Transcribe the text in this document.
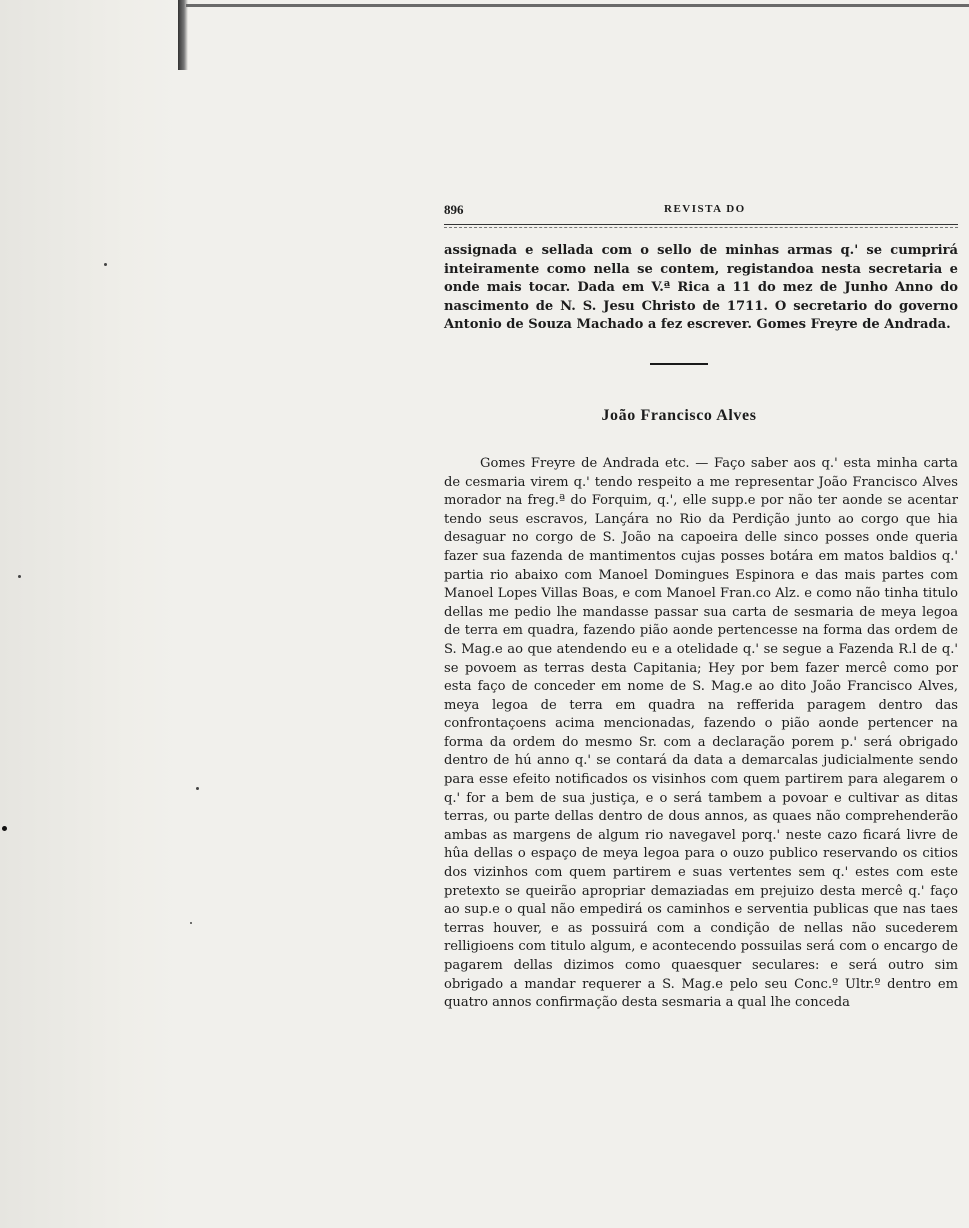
896	REVISTA DO

assignada e sellada com o sello de minhas armas q.' se cumprirá inteiramente como nella se contem, registandoa nesta secretaria e onde mais tocar. Dada em V.ª Rica a 11 do mez de Junho Anno do nascimento de N. S. Jesu Christo de 1711. O secretario do governo Antonio de Souza Machado a fez escrever. Gomes Freyre de Andrada.

João Francisco Alves

Gomes Freyre de Andrada etc. — Faço saber aos q.' esta minha carta de cesmaria virem q.' tendo respeito a me representar João Francisco Alves morador na freg.ª do Forquim, q.', elle supp.e por não ter aonde se acentar tendo seus escravos, Lançára no Rio da Perdição junto ao corgo que hia desaguar no corgo de S. João na capoeira delle sinco posses onde queria fazer sua fazenda de mantimentos cujas posses botára em matos baldios q.' partia rio abaixo com Manoel Domingues Espinora e das mais partes com Manoel Lopes Villas Boas, e com Manoel Fran.co Alz. e como não tinha titulo dellas me pedio lhe mandasse passar sua carta de sesmaria de meya legoa de terra em quadra, fazendo pião aonde pertencesse na forma das ordem de S. Mag.e ao que atendendo eu e a otelidade q.' se segue a Fazenda R.l de q.' se povoem as terras desta Capitania; Hey por bem fazer mercê como por esta faço de conceder em nome de S. Mag.e ao dito João Francisco Alves, meya legoa de terra em quadra na refferida paragem dentro das confrontaçoens acima mencionadas, fazendo o pião aonde pertencer na forma da ordem do mesmo Sr. com a declaração porem p.' será obrigado dentro de hú anno q.' se contará da data a demarcalas judicialmente sendo para esse efeito notificados os visinhos com quem partirem para alegarem o q.' for a bem de sua justiça, e o será tambem a povoar e cultivar as ditas terras, ou parte dellas dentro de dous annos, as quaes não comprehenderão ambas as margens de algum rio navegavel porq.' neste cazo ficará livre de hûa dellas o espaço de meya legoa para o ouzo publico reservando os citios dos vizinhos com quem partirem e suas vertentes sem q.' estes com este pretexto se queirão apropriar demaziadas em prejuizo desta mercê q.' faço ao sup.e o qual não empedirá os caminhos e serventia publicas que nas taes terras houver, e as possuirá com a condição de nellas não sucederem relligioens com titulo algum, e acontecendo possuilas será com o encargo de pagarem dellas dizimos como quaesquer seculares: e será outro sim obrigado a mandar requerer a S. Mag.e pelo seu Conc.º Ultr.º dentro em quatro annos confirmação desta sesmaria a qual lhe conceda
